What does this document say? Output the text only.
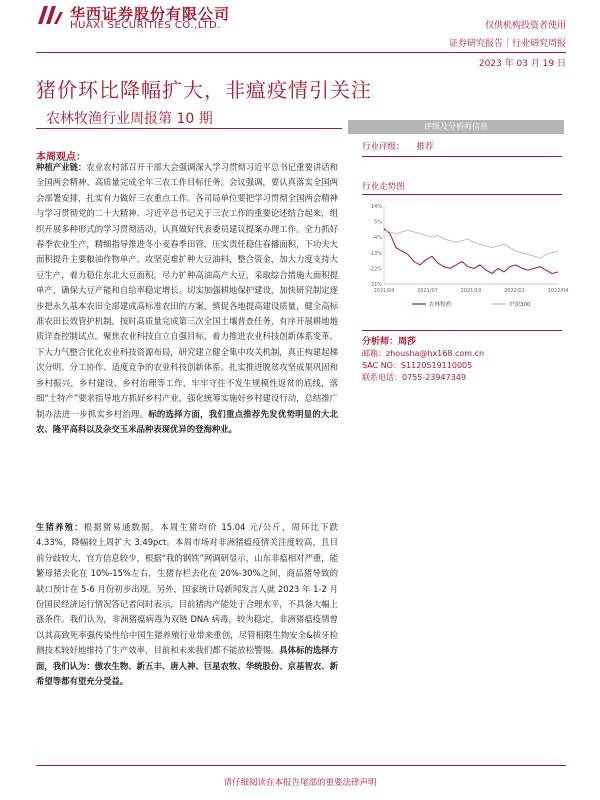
华西证券股份有限公司
HUAXI SECURITIES CO.,LTD.	仅供机构投资者使用
证券研究报告｜行业研究周报
2023 年 03 月 19 日
猪价环比降幅扩大，非瘟疫情引关注
农林牧渔行业周报第 10 期
本周观点：
种植产业链：农业农村部召开干部大会强调深入学习贯彻习近平总书记重要讲话和全国两会精神、高质量完成全年三农工作目标任务。会议强调，要认真落实全国两会部署安排，扎实有力做好三农重点工作。各司局单位要把学习贯彻全国两会精神与学习贯彻党的二十大精神、习近平总书记关于三农工作的重要论述结合起来，组织开展多种形式的学习贯彻活动，认真做好代表委员建议提案办理工作。全力抓好春季农业生产，精细指导推进冬小麦春季田管，压实责任稳住春播面积，下功夫大面积提升主要粮油作物单产。攻坚克难扩种大豆油料，整合资金，加大力度支持大豆生产，着力稳住东北大豆面积，尽力扩种高油高产大豆，采取综合措施大面积提单产，确保大豆产能和自给率稳定增长。切实加强耕地保护建设，加快研究制定逐步把永久基本农田全部建成高标准农田的方案，慎促各地提高建设质量，健全高标准农田长效管护机制，按时高质量完成第三次全国土壤普查任务，有序开展耕地地质详查控制试点。聚焦农业科技自立自强目标，着力推进农业科技创新体系变革，下大力气整合优化农业科技资源布局，研究建立健全集中攻关机制，真正构建起梯次分明、分工协作、适度竞争的农业科技创新体系。扎实推进脱贫攻坚成果巩固和乡村振兴，乡村建设、乡村治理等工作，牢牢守住不发生规模性返贫的底线，落细“土特产”要求指导地方抓好乡村产业，强化统筹实施好乡村建设行动，总结推广制办法进一步抓实乡村治理。标的选择方面，我们重点推荐先发优势明显的大北农、隆平高科以及杂交玉米品种表现优异的登海种业。
生猪养殖：根据猪易通数据，本周生猪均价 15.04 元/公斤，周环比下跌 4.33%，降幅较上周扩大 3.49pct。本周市场对非洲猪瘟疫情关注度较高，且目前分歧较大，官方信息较少，根据“我的钢铁”网调研显示，山东非瘟相对严重，能繁母猪去化在 10%-15%左右，生猪存栏去化在 20%-30%之间，商品猪导致的缺口预计在 5-6 月份初步出现。另外，国家统计局新闻发言人就 2023 年 1-2 月份国民经济运行情况答记者问时表示，目前猪肉产能处于合理水平，不具备大幅上涨条件。我们认为，非洲猪瘟病毒为双链 DNA 病毒，较为稳定，非洲猪瘟疫情曾以其高致死率强传染性给中国生猪养殖行业带来重创，尽管相限生物安全&拔牙检测技术较好地维持了生产效率，目前和未来我们都不能放松警惕。具体标的选择方面，我们认为：傲农生物、新五丰、唐人神、巨星农牧、华统股份、京基智农、新希望等都有望充分受益。
评级及分析师信息
行业评级： 推荐
行业走势图
14%
5%
-4%
-13%
-22%
-31%
2021/04	2021/07	2021/10	2022/01	2022/04
农林牧渔	沪深300
分析师：周莎
邮箱：zhousha@hx168.com.cn
SAC NO：S1120519110005
联系电话：0755-23947349
请仔细阅读在本报告尾部的重要法律声明
